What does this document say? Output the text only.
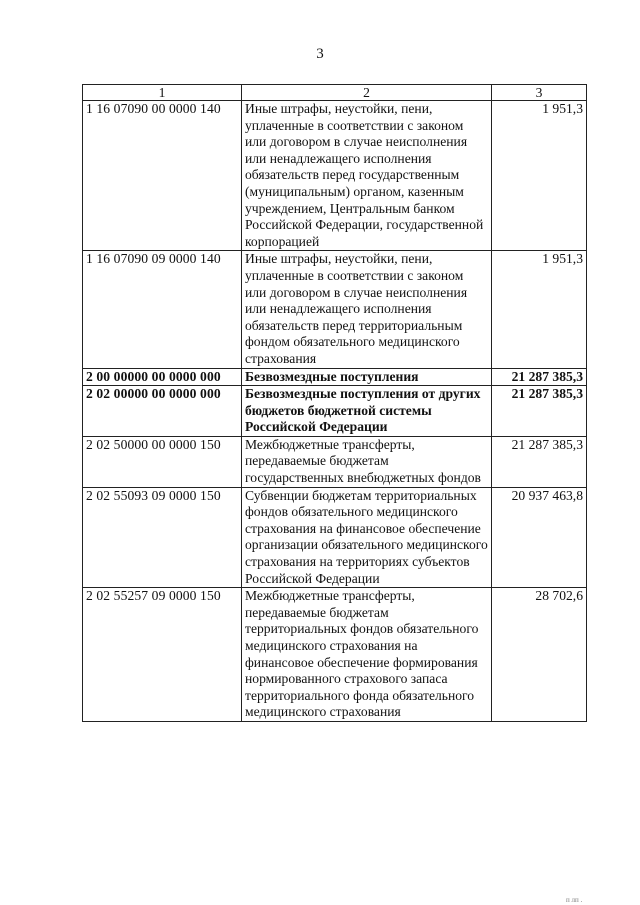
3
1	2	3
1 16 07090 00 0000 140	Иные штрафы, неустойки, пени, уплаченные в соответствии с законом или договором в случае неисполнения или ненадлежащего исполнения обязательств перед государственным (муниципальным) органом, казенным учреждением, Центральным банком Российской Федерации, государственной корпорацией	1 951,3
1 16 07090 09 0000 140	Иные штрафы, неустойки, пени, уплаченные в соответствии с законом или договором в случае неисполнения или ненадлежащего исполнения обязательств перед территориальным фондом обязательного медицинского страхования	1 951,3
2 00 00000 00 0000 000	Безвозмездные поступления	21 287 385,3
2 02 00000 00 0000 000	Безвозмездные поступления от других бюджетов бюджетной системы Российской Федерации	21 287 385,3
2 02 50000 00 0000 150	Межбюджетные трансферты, передаваемые бюджетам государственных внебюджетных фондов	21 287 385,3
2 02 55093 09 0000 150	Субвенции бюджетам территориальных фондов обязательного медицинского страхования на финансовое обеспечение организации обязательного медицинского страхования на территориях субъектов Российской Федерации	20 937 463,8
2 02 55257 09 0000 150	Межбюджетные трансферты, передаваемые бюджетам территориальных фондов обязательного медицинского страхования на финансовое обеспечение формирования нормированного страхового запаса территориального фонда обязательного медицинского страхования	28 702,6
п лп .
